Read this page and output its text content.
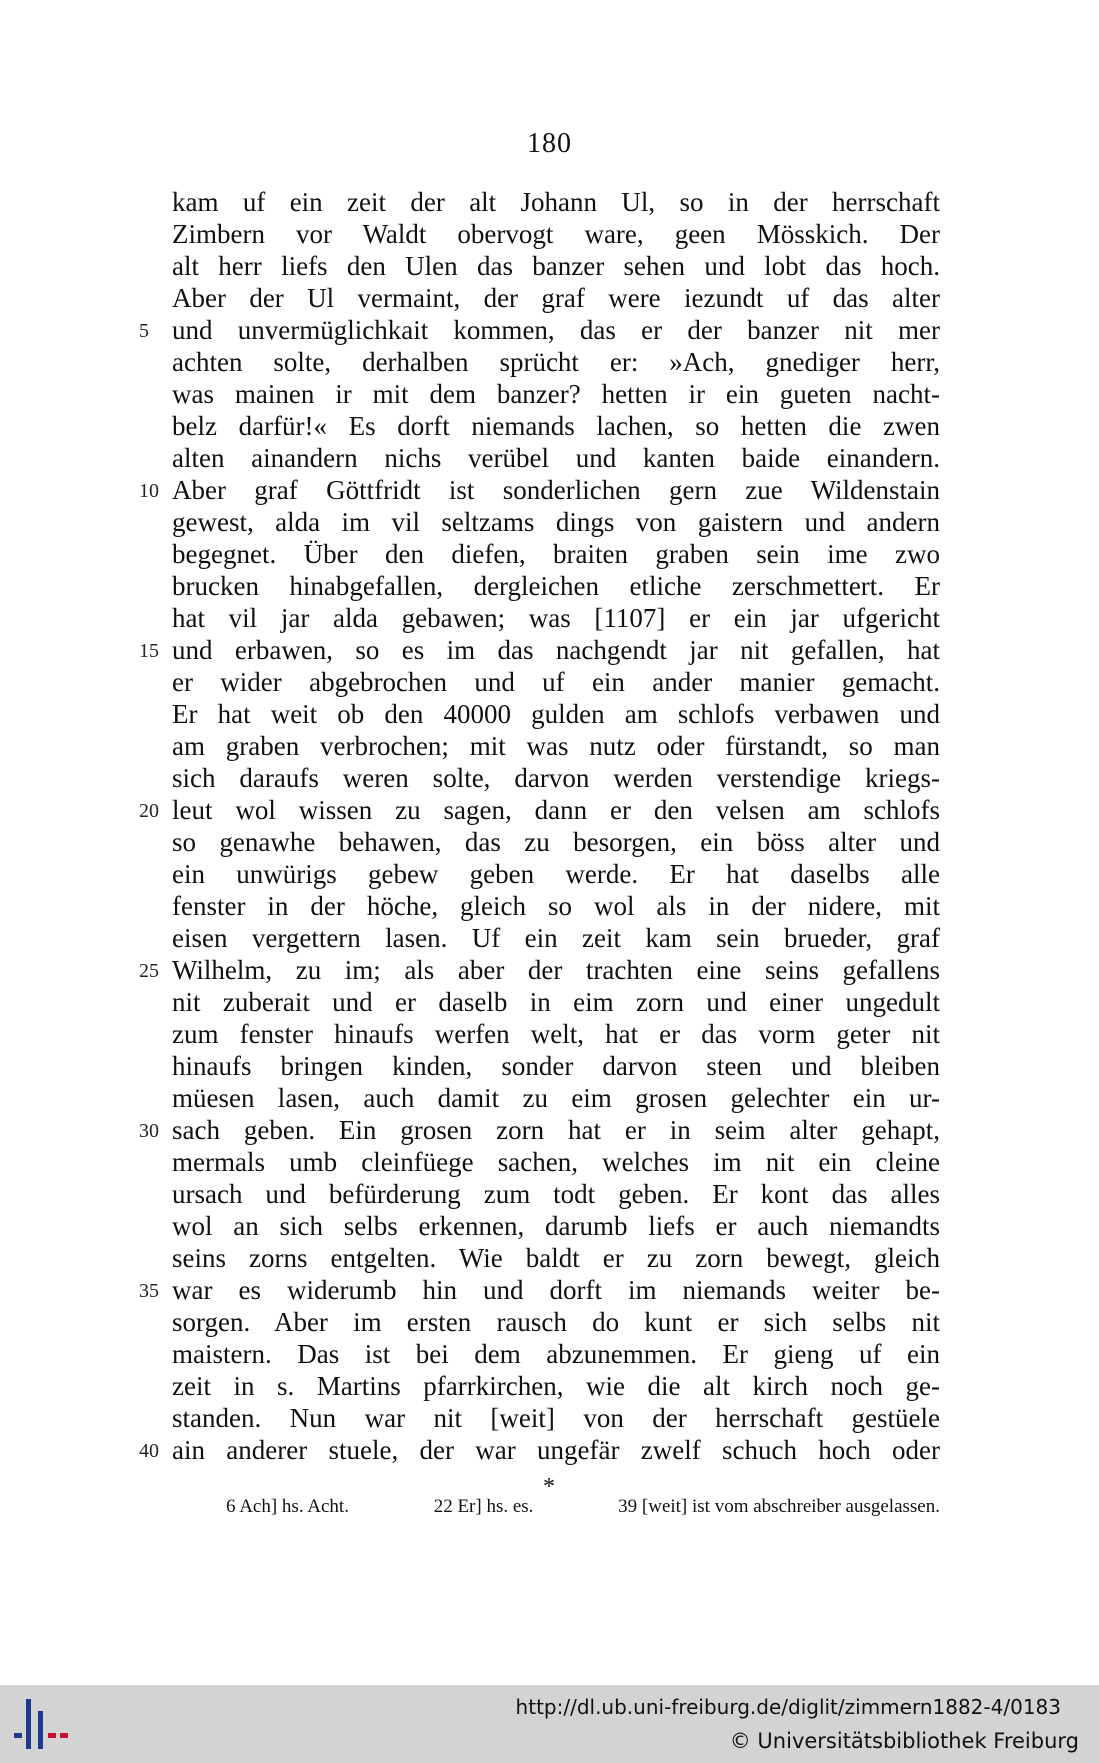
180
kam uf ein zeit der alt Johann Ul, so in der herrschaft
Zimbern vor Waldt obervogt ware, geen Mösskich. Der
alt herr liefs den Ulen das banzer sehen und lobt das hoch.
Aber der Ul vermaint, der graf were iezundt uf das alter
5 und unvermüglichkait kommen, das er der banzer nit mer
achten solte, derhalben sprücht er: »Ach, gnediger herr,
was mainen ir mit dem banzer? hetten ir ein gueten nacht-
belz darfür!« Es dorft niemands lachen, so hetten die zwen
alten ainandern nichs verübel und kanten baide einandern.
10 Aber graf Göttfridt ist sonderlichen gern zue Wildenstain
gewest, alda im vil seltzams dings von gaistern und andern
begegnet. Über den diefen, braiten graben sein ime zwo
brucken hinabgefallen, dergleichen etliche zerschmettert. Er
hat vil jar alda gebawen; was [1107] er ein jar ufgericht
15 und erbawen, so es im das nachgendt jar nit gefallen, hat
er wider abgebrochen und uf ein ander manier gemacht.
Er hat weit ob den 40000 gulden am schlofs verbawen und
am graben verbrochen; mit was nutz oder fürstandt, so man
sich daraufs weren solte, darvon werden verstendige kriegs-
20 leut wol wissen zu sagen, dann er den velsen am schlofs
so genawhe behawen, das zu besorgen, ein böss alter und
ein unwürigs gebew geben werde. Er hat daselbs alle
fenster in der höche, gleich so wol als in der nidere, mit
eisen vergettern lasen. Uf ein zeit kam sein brueder, graf
25 Wilhelm, zu im; als aber der trachten eine seins gefallens
nit zuberait und er daselb in eim zorn und einer ungedult
zum fenster hinaufs werfen welt, hat er das vorm geter nit
hinaufs bringen kinden, sonder darvon steen und bleiben
müesen lasen, auch damit zu eim grosen gelechter ein ur-
30 sach geben. Ein grosen zorn hat er in seim alter gehapt,
mermals umb cleinfüege sachen, welches im nit ein cleine
ursach und befürderung zum todt geben. Er kont das alles
wol an sich selbs erkennen, darumb liefs er auch niemandts
seins zorns entgelten. Wie baldt er zu zorn bewegt, gleich
35 war es widerumb hin und dorft im niemands weiter be-
sorgen. Aber im ersten rausch do kunt er sich selbs nit
maistern. Das ist bei dem abzunemmen. Er gieng uf ein
zeit in s. Martins pfarrkirchen, wie die alt kirch noch ge-
standen. Nun war nit [weit] von der herrschaft gestüele
40 ain anderer stuele, der war ungefär zwelf schuch hoch oder
*
6 Ach] hs. Acht.	22 Er] hs. es.	39 [weit] ist vom abschreiber ausgelassen.
http://dl.ub.uni-freiburg.de/diglit/zimmern1882-4/0183
© Universitätsbibliothek Freiburg
